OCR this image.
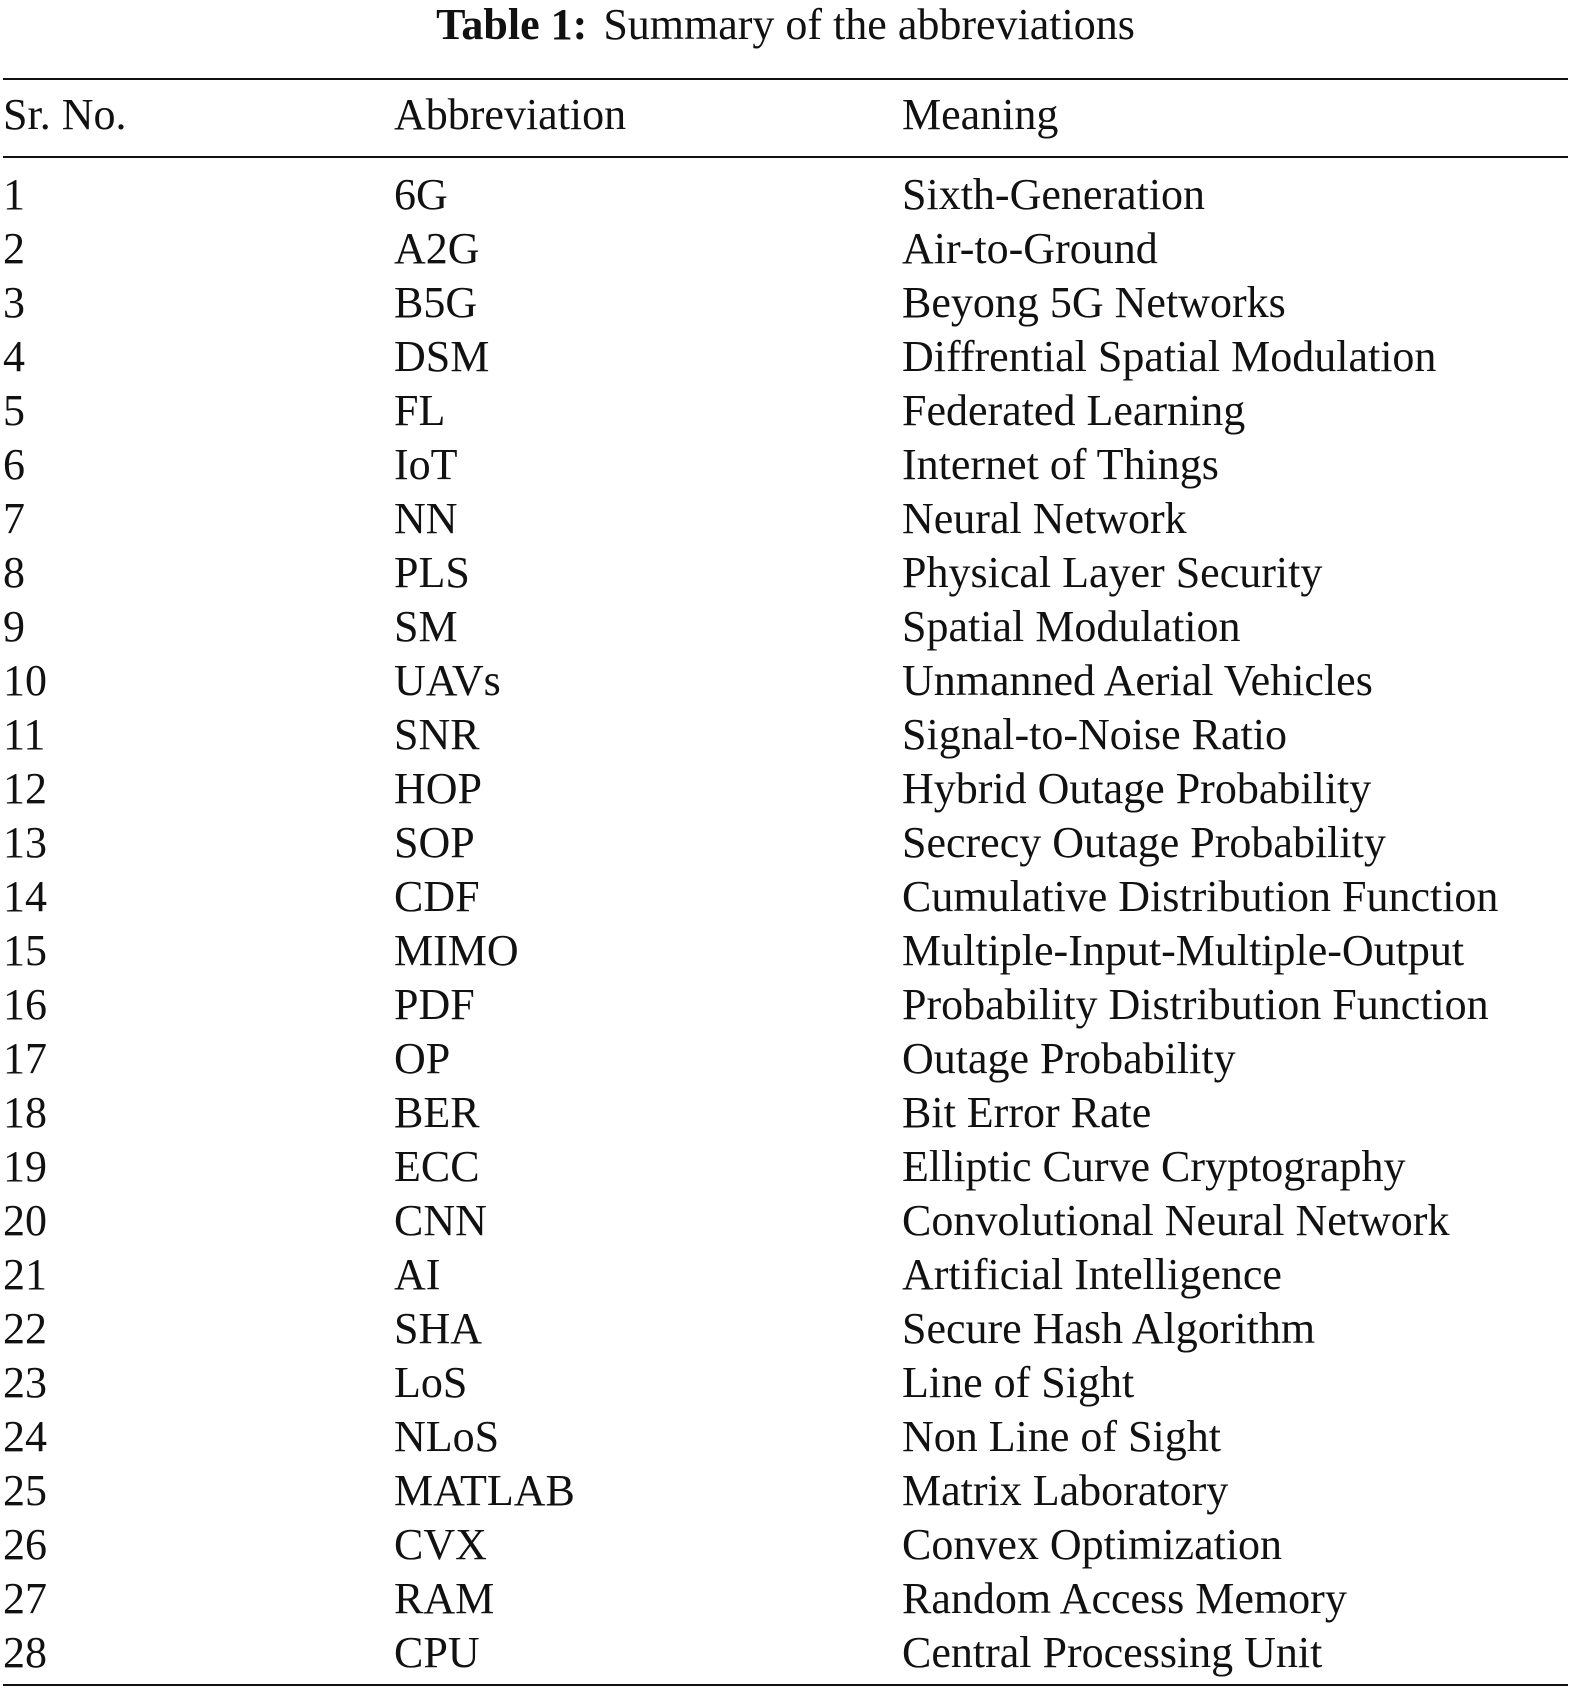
Table 1: Summary of the abbreviations
Sr. No.	Abbreviation	Meaning
1	6G	Sixth-Generation
2	A2G	Air-to-Ground
3	B5G	Beyong 5G Networks
4	DSM	Diffrential Spatial Modulation
5	FL	Federated Learning
6	IoT	Internet of Things
7	NN	Neural Network
8	PLS	Physical Layer Security
9	SM	Spatial Modulation
10	UAVs	Unmanned Aerial Vehicles
11	SNR	Signal-to-Noise Ratio
12	HOP	Hybrid Outage Probability
13	SOP	Secrecy Outage Probability
14	CDF	Cumulative Distribution Function
15	MIMO	Multiple-Input-Multiple-Output
16	PDF	Probability Distribution Function
17	OP	Outage Probability
18	BER	Bit Error Rate
19	ECC	Elliptic Curve Cryptography
20	CNN	Convolutional Neural Network
21	AI	Artificial Intelligence
22	SHA	Secure Hash Algorithm
23	LoS	Line of Sight
24	NLoS	Non Line of Sight
25	MATLAB	Matrix Laboratory
26	CVX	Convex Optimization
27	RAM	Random Access Memory
28	CPU	Central Processing Unit
